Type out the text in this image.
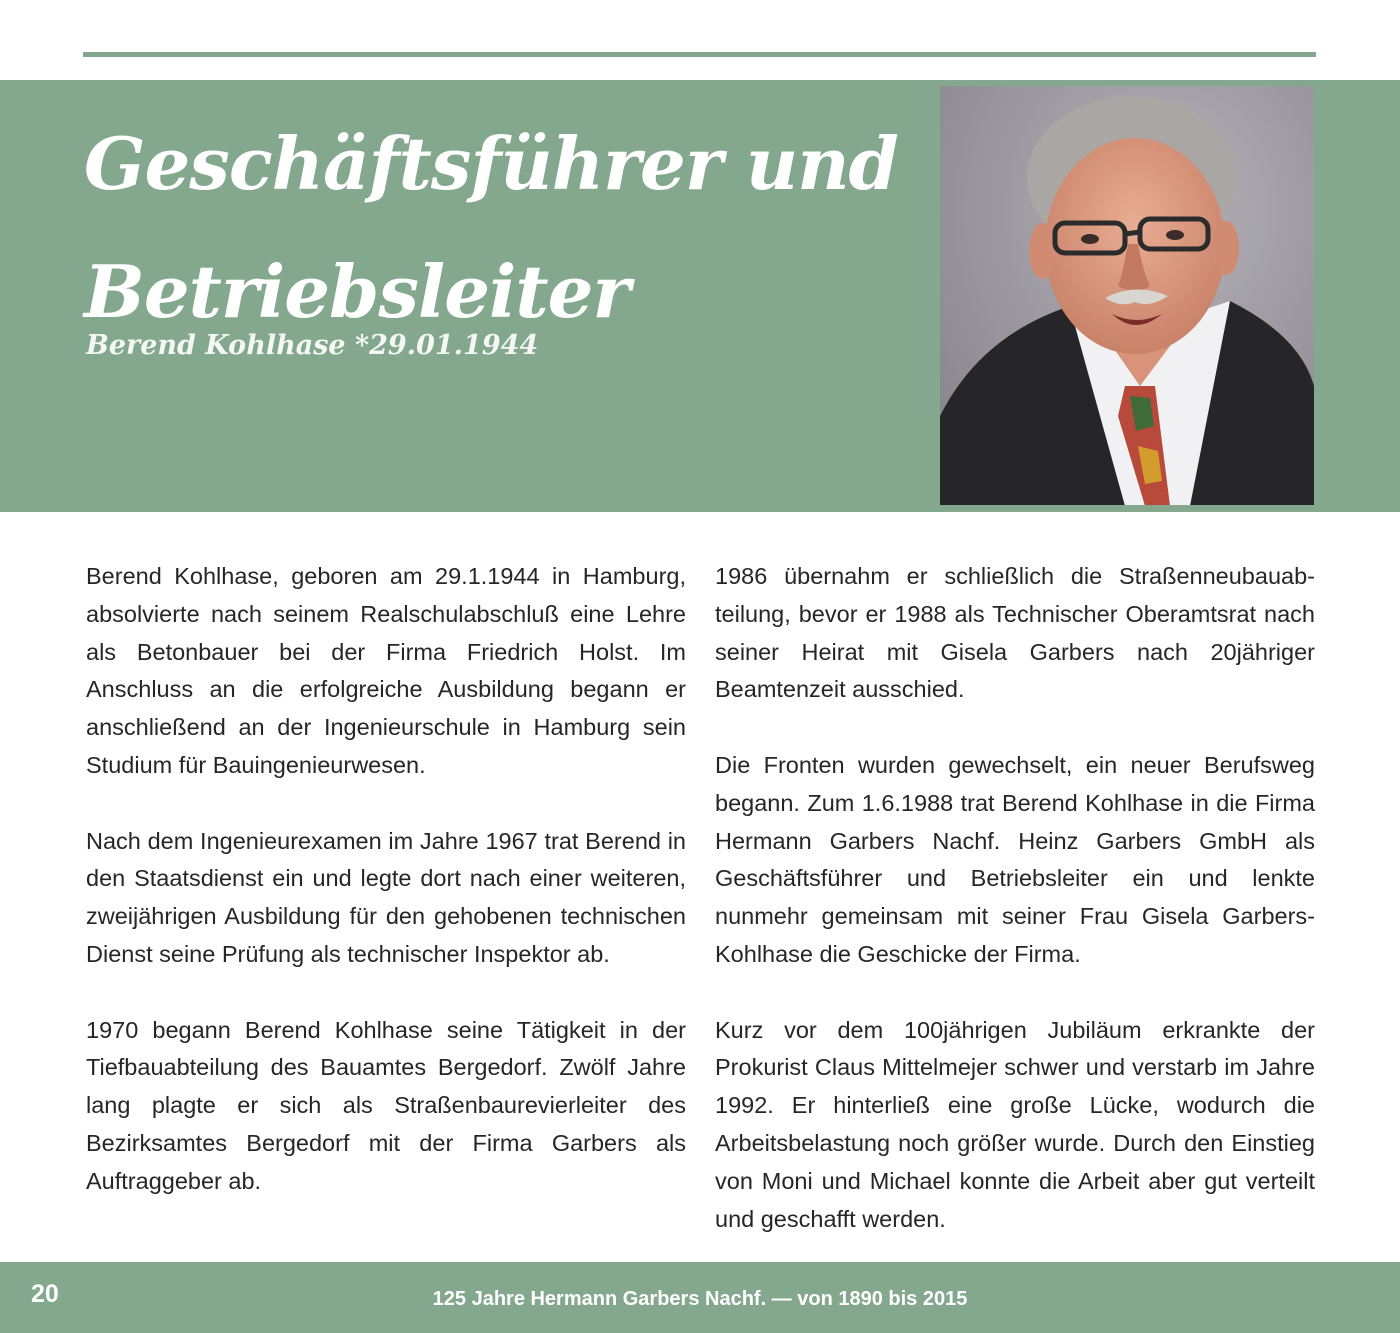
Geschäftsführer und
Betriebsleiter
Berend Kohlhase *29.01.1944

Berend Kohlhase, geboren am 29.1.1944 in Hamburg, absolvierte nach seinem Realschulabschluß eine Lehre als Betonbauer bei der Firma Friedrich Holst. Im Anschluss an die erfolgreiche Ausbildung begann er anschließend an der Ingenieurschule in Hamburg sein Studium für Bauingenieurwesen.

Nach dem Ingenieurexamen im Jahre 1967 trat Berend in den Staatsdienst ein und legte dort nach einer weiteren, zweijährigen Ausbildung für den gehobenen technischen Dienst seine Prüfung als technischer Inspektor ab.

1970 begann Berend Kohlhase seine Tätigkeit in der Tiefbauabteilung des Bauamtes Bergedorf. Zwölf Jahre lang plagte er sich als Straßenbaurevierleiter des Bezirksamtes Bergedorf mit der Firma Garbers als Auftraggeber ab.

1986 übernahm er schließlich die Straßenneubauabteilung, bevor er 1988 als Technischer Oberamtsrat nach seiner Heirat mit Gisela Garbers nach 20jähriger Beamtenzeit ausschied.

Die Fronten wurden gewechselt, ein neuer Berufsweg begann. Zum 1.6.1988 trat Berend Kohlhase in die Firma Hermann Garbers Nachf. Heinz Garbers GmbH als Geschäftsführer und Betriebsleiter ein und lenkte nunmehr gemeinsam mit seiner Frau Gisela Garbers-Kohlhase die Geschicke der Firma.

Kurz vor dem 100jährigen Jubiläum erkrankte der Prokurist Claus Mittelmejer schwer und verstarb im Jahre 1992. Er hinterließ eine große Lücke, wodurch die Arbeitsbelastung noch größer wurde. Durch den Einstieg von Moni und Michael konnte die Arbeit aber gut verteilt und geschafft werden.

20	125 Jahre Hermann Garbers Nachf. — von 1890 bis 2015
